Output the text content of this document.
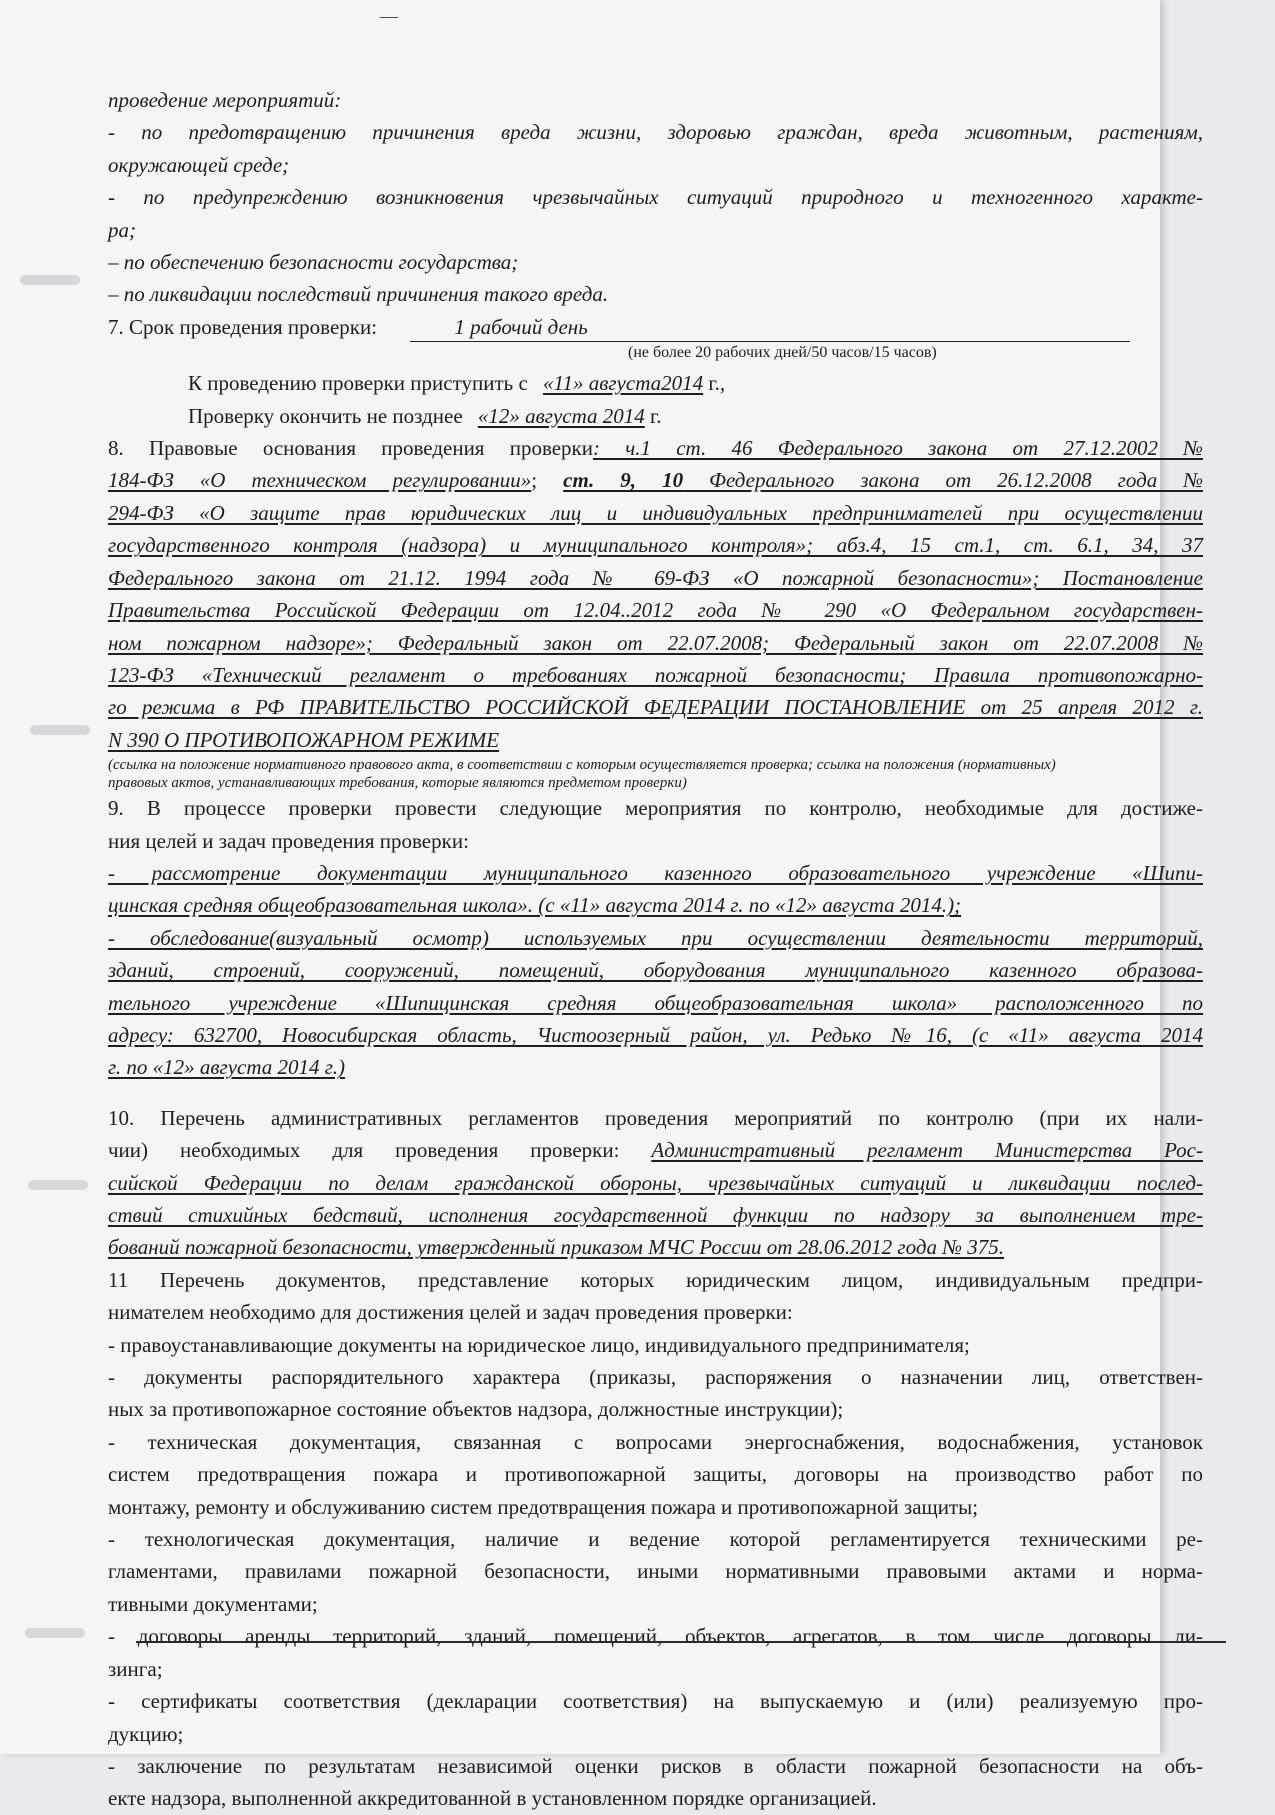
—
проведение мероприятий:
- по предотвращению причинения вреда жизни, здоровью граждан, вреда животным, растениям,
окружающей среде;
- по предупреждению возникновения чрезвычайных ситуаций природного и техногенного характе-
ра;
– по обеспечению безопасности государства;
– по ликвидации последствий причинения такого вреда.
7. Срок проведения проверки:	1 рабочий день
(не более 20 рабочих дней/50 часов/15 часов)
К проведению проверки приступить с «11» августа2014 г.,
Проверку окончить не позднее «12» августа 2014 г.
8. Правовые основания проведения проверки: ч.1 ст. 46 Федерального закона от 27.12.2002 №
184-ФЗ «О техническом регулировании»; ст. 9, 10 Федерального закона от 26.12.2008 года №
294-ФЗ «О защите прав юридических лиц и индивидуальных предпринимателей при осуществлении
государственного контроля (надзора) и муниципального контроля»; абз.4, 15 ст.1, ст. 6.1, 34, 37
Федерального закона от 21.12. 1994 года № 69-ФЗ «О пожарной безопасности»; Постановление
Правительства Российской Федерации от 12.04..2012 года № 290 «О Федеральном государствен-
ном пожарном надзоре»; Федеральный закон от 22.07.2008; Федеральный закон от 22.07.2008 №
123-ФЗ «Технический регламент о требованиях пожарной безопасности; Правила противопожарно-
го режима в РФ ПРАВИТЕЛЬСТВО РОССИЙСКОЙ ФЕДЕРАЦИИ ПОСТАНОВЛЕНИЕ от 25 апреля 2012 г.
N 390 О ПРОТИВОПОЖАРНОМ РЕЖИМЕ
(ссылка на положение нормативного правового акта, в соответствии с которым осуществляется проверка; ссылка на положения (нормативных)
правовых актов, устанавливающих требования, которые являются предметом проверки)
9. В процессе проверки провести следующие мероприятия по контролю, необходимые для достиже-
ния целей и задач проведения проверки:
- рассмотрение документации муниципального казенного образовательного учреждение «Шипи-
цинская средняя общеобразовательная школа». (с «11» августа 2014 г. по «12» августа 2014.);
- обследование(визуальный осмотр) используемых при осуществлении деятельности территорий,
зданий, строений, сооружений, помещений, оборудования муниципального казенного образова-
тельного учреждение «Шипицинская средняя общеобразовательная школа» расположенного по
адресу: 632700, Новосибирская область, Чистоозерный район, ул. Редько №16, (с «11» августа 2014
г. по «12» августа 2014 г.)
10. Перечень административных регламентов проведения мероприятий по контролю (при их нали-
чии) необходимых для проведения проверки: Административный регламент Министерства Рос-
сийской Федерации по делам гражданской обороны, чрезвычайных ситуаций и ликвидации послед-
ствий стихийных бедствий, исполнения государственной функции по надзору за выполнением тре-
бований пожарной безопасности, утвержденный приказом МЧС России от 28.06.2012 года № 375.
11 Перечень документов, представление которых юридическим лицом, индивидуальным предпри-
нимателем необходимо для достижения целей и задач проведения проверки:
- правоустанавливающие документы на юридическое лицо, индивидуального предпринимателя;
- документы распорядительного характера (приказы, распоряжения о назначении лиц, ответствен-
ных за противопожарное состояние объектов надзора, должностные инструкции);
- техническая документация, связанная с вопросами энергоснабжения, водоснабжения, установок
систем предотвращения пожара и противопожарной защиты, договоры на производство работ по
монтажу, ремонту и обслуживанию систем предотвращения пожара и противопожарной защиты;
- технологическая документация, наличие и ведение которой регламентируется техническими ре-
гламентами, правилами пожарной безопасности, иными нормативными правовыми актами и норма-
тивными документами;
- договоры аренды территорий, зданий, помещений, объектов, агрегатов, в том числе договоры ли-
зинга;
- сертификаты соответствия (декларации соответствия) на выпускаемую и (или) реализуемую про-
дукцию;
- заключение по результатам независимой оценки рисков в области пожарной безопасности на объ-
екте надзора, выполненной аккредитованной в установленном порядке организацией.
